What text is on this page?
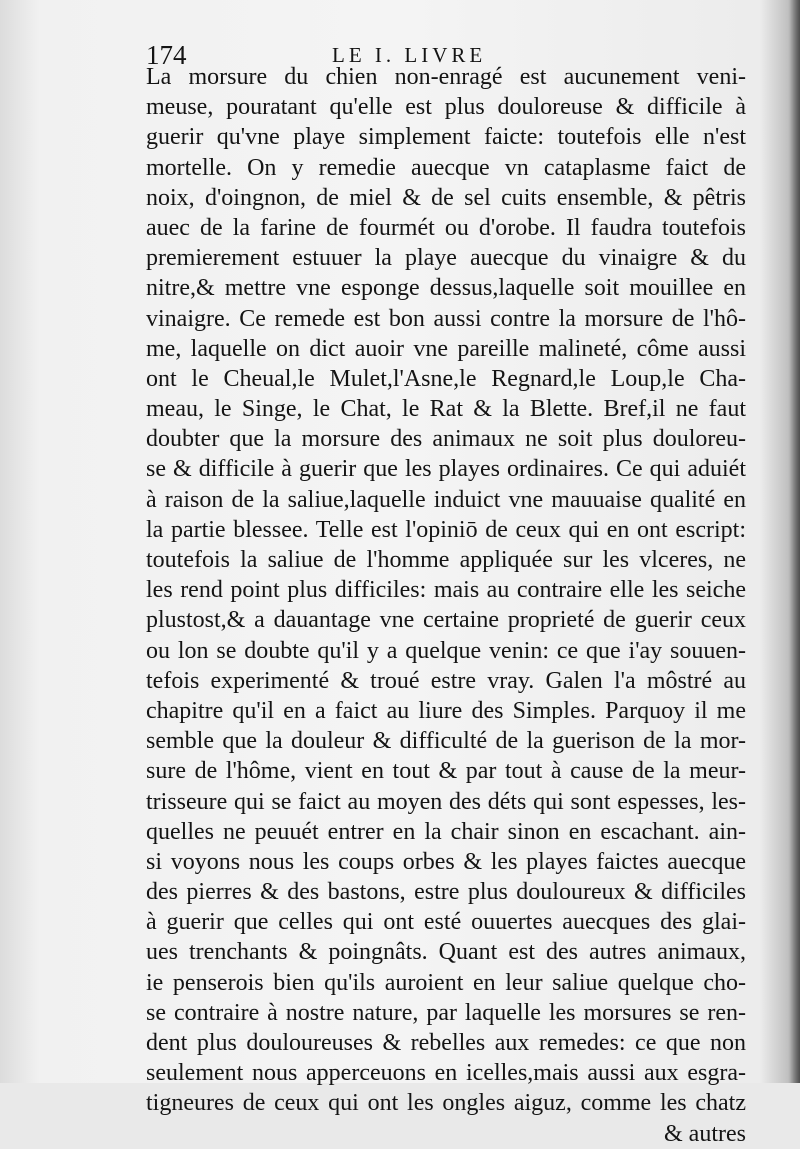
174	LE I. LIVRE
La morsure du chien non-enragé est aucunement veni-
meuse, pouratant qu'elle est plus douloreuse & difficile à
guerir qu'vne playe simplement faicte: toutefois elle n'est
mortelle. On y remedie auecque vn cataplasme faict de
noix, d'oingnon, de miel & de sel cuits ensemble, & pêtris
auec de la farine de fourmét ou d'orobe. Il faudra toutefois
premierement estuuer la playe auecque du vinaigre & du
nitre,& mettre vne esponge dessus,laquelle soit mouillee en
vinaigre. Ce remede est bon aussi contre la morsure de l'hô-
me, laquelle on dict auoir vne pareille malineté, côme aussi
ont le Cheual,le Mulet,l'Asne,le Regnard,le Loup,le Cha-
meau, le Singe, le Chat, le Rat & la Blette. Bref,il ne faut
doubter que la morsure des animaux ne soit plus douloreu-
se & difficile à guerir que les playes ordinaires. Ce qui aduiét
à raison de la saliue,laquelle induict vne mauuaise qualité en
la partie blessee. Telle est l'opiniō de ceux qui en ont escript:
toutefois la saliue de l'homme appliquée sur les vlceres, ne
les rend point plus difficiles: mais au contraire elle les seiche
plustost,& a dauantage vne certaine proprieté de guerir ceux
ou lon se doubte qu'il y a quelque venin: ce que i'ay souuen-
tefois experimenté & troué estre vray. Galen l'a môstré au
chapitre qu'il en a faict au liure des Simples. Parquoy il me
semble que la douleur & difficulté de la guerison de la mor-
sure de l'hôme, vient en tout & par tout à cause de la meur-
trisseure qui se faict au moyen des déts qui sont espesses, les-
quelles ne peuuét entrer en la chair sinon en escachant. ain-
si voyons nous les coups orbes & les playes faictes auecque
des pierres & des bastons, estre plus douloureux & difficiles
à guerir que celles qui ont esté ouuertes auecques des glai-
ues trenchants & poingnâts. Quant est des autres animaux,
ie penserois bien qu'ils auroient en leur saliue quelque cho-
se contraire à nostre nature, par laquelle les morsures se ren-
dent plus douloureuses & rebelles aux remedes: ce que non
seulement nous apperceuons en icelles,mais aussi aux esgra-
tigneures de ceux qui ont les ongles aiguz, comme les chatz
& autres
